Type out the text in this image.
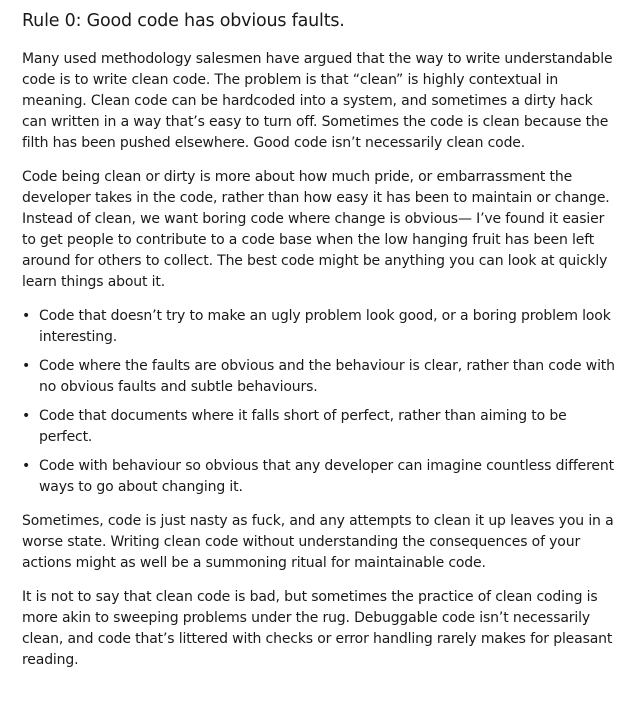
Rule 0: Good code has obvious faults.

Many used methodology salesmen have argued that the way to write understandable code is to write clean code. The problem is that “clean” is highly contextual in meaning. Clean code can be hardcoded into a system, and sometimes a dirty hack can written in a way that’s easy to turn off. Sometimes the code is clean because the filth has been pushed elsewhere. Good code isn’t necessarily clean code.

Code being clean or dirty is more about how much pride, or embarrassment the developer takes in the code, rather than how easy it has been to maintain or change. Instead of clean, we want boring code where change is obvious— I’ve found it easier to get people to contribute to a code base when the low hanging fruit has been left around for others to collect. The best code might be anything you can look at quickly learn things about it.

• Code that doesn’t try to make an ugly problem look good, or a boring problem look interesting.
• Code where the faults are obvious and the behaviour is clear, rather than code with no obvious faults and subtle behaviours.
• Code that documents where it falls short of perfect, rather than aiming to be perfect.
• Code with behaviour so obvious that any developer can imagine countless different ways to go about changing it.

Sometimes, code is just nasty as fuck, and any attempts to clean it up leaves you in a worse state. Writing clean code without understanding the consequences of your actions might as well be a summoning ritual for maintainable code.

It is not to say that clean code is bad, but sometimes the practice of clean coding is more akin to sweeping problems under the rug. Debuggable code isn’t necessarily clean, and code that’s littered with checks or error handling rarely makes for pleasant reading.
